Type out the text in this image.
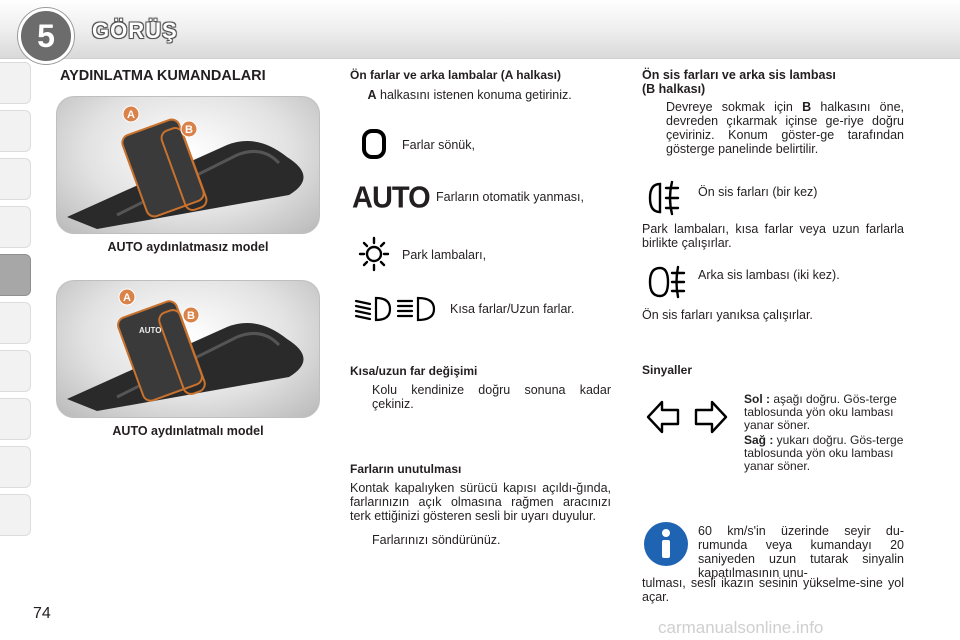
5	GÖRÜŞ
AYDINLATMA KUMANDALARI
A
B
AUTO aydınlatmasız model
AUTO
A
B
AUTO aydınlatmalı model
Ön farlar ve arka lambalar (A halkası)
A halkasını istenen konuma getiriniz.
Farlar sönük,
AUTO Farların otomatik yanması,
Park lambaları,
Kısa farlar/Uzun farlar.
Kısa/uzun far değişimi
Kolu kendinize doğru sonuna kadar çekiniz.
Farların unutulması
Kontak kapalıyken sürücü kapısı açıldı-ğında, farlarınızın açık olmasına rağmen aracınızı terk ettiğinizi gösteren sesli bir uyarı duyulur.
Farlarınızı söndürünüz.
Ön sis farları ve arka sis lambası
(B halkası)
Devreye sokmak için B halkasını öne, devreden çıkarmak içinse ge-riye doğru çeviriniz. Konum göster-ge tarafından gösterge panelinde belirtilir.
Ön sis farları (bir kez)
Park lambaları, kısa farlar veya uzun farlarla birlikte çalışırlar.
Arka sis lambası (iki kez).
Ön sis farları yanıksa çalışırlar.
Sinyaller
Sol : aşağı doğru. Gös-terge tablosunda yön oku lambası yanar söner.
Sağ : yukarı doğru. Gös-terge tablosunda yön oku lambası yanar söner.
60 km/s'in üzerinde seyir du-rumunda veya kumandayı 20 saniyeden uzun tutarak sinyalin kapatılmasının unu-
tulması, sesli ikazın sesinin yükselme-sine yol açar.
74
carmanualsonline.info
